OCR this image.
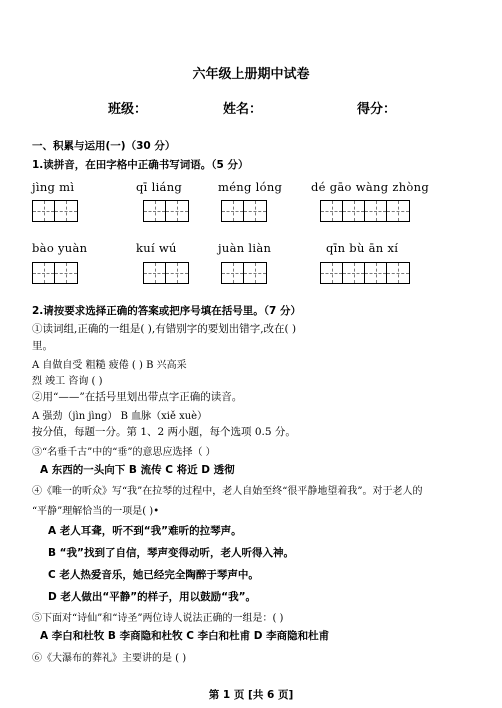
六年级上册期中试卷
班级：	姓名：	得分：
一、积累与运用(一)（30 分）
1.读拼音，在田字格中正确书写词语。（5 分）
jìng mì	qī liáng	méng lóng	dé gāo wàng zhòng
bào yuàn	kuí wú	juàn liàn	qīn bù ān xí
2.请按要求选择正确的答案或把序号填在括号里。（7 分）
①读词组,正确的一组是( ),有错别字的要划出错字,改在( )
里。
A 自做自受 粗糙 疲倦 ( ) B 兴高采
烈 竣工 咨询 ( )
②用“——”在括号里划出带点字正确的读音。
A 强劲（jìn jìng） B 血脉（xiě xuè）
按分值，每题一分。第 1、2 两小题，每个选项 0.5 分。
③“名垂千古”中的“垂”的意思应选择（ ）
A 东西的一头向下 B 流传 C 将近 D 透彻
④《唯一的听众》写“我”在拉琴的过程中，老人自始至终“很平静地望着我”。对于老人的
“平静”理解恰当的一项是( )•
A 老人耳聋，听不到“我”难听的拉琴声。
B “我”找到了自信，琴声变得动听，老人听得入神。
C 老人热爱音乐，她已经完全陶醉于琴声中。
D 老人做出“平静”的样子，用以鼓励“我”。
⑤下面对“诗仙”和“诗圣”两位诗人说法正确的一组是：( )
A 李白和杜牧 B 李商隐和杜牧 C 李白和杜甫 D 李商隐和杜甫
⑥《大瀑布的葬礼》主要讲的是 ( )
第 1 页 [共 6 页]
